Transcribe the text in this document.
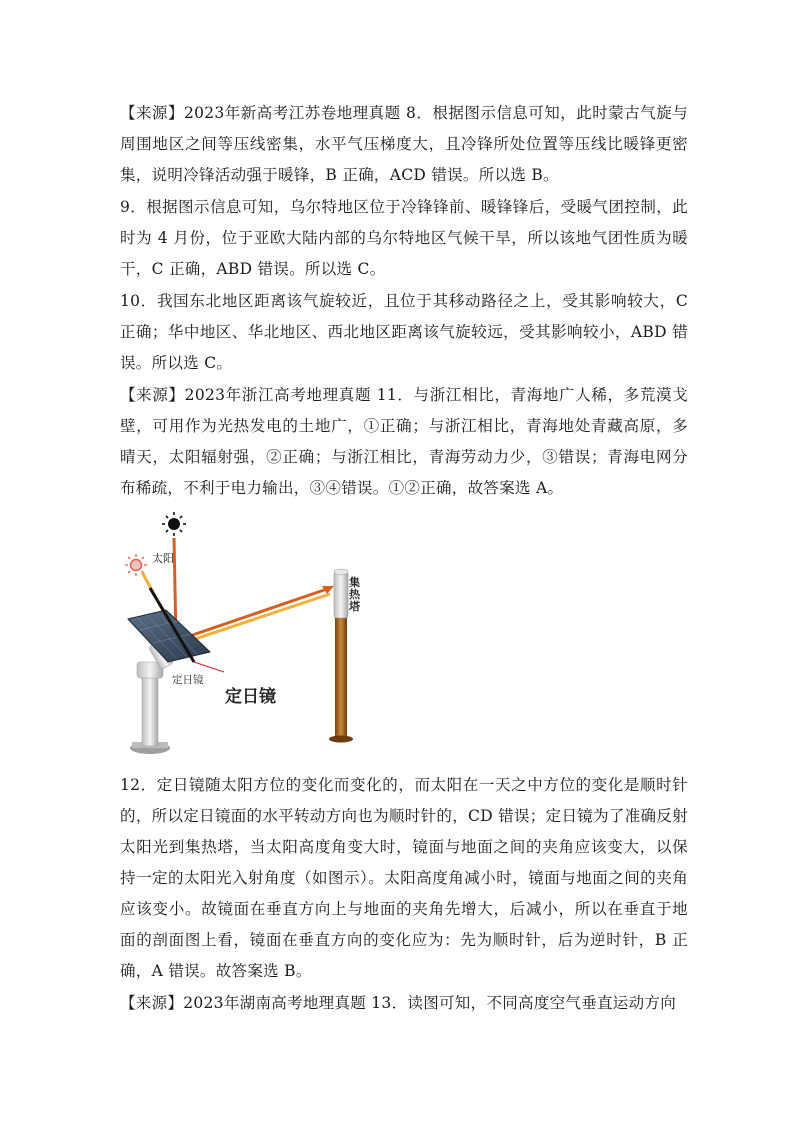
【来源】2023年新高考江苏卷地理真题 8．根据图示信息可知，此时蒙古气旋与周围地区之间等压线密集，水平气压梯度大，且冷锋所处位置等压线比暖锋更密集，说明冷锋活动强于暖锋，B 正确，ACD 错误。所以选 B。

9．根据图示信息可知，乌尔特地区位于冷锋锋前、暖锋锋后，受暖气团控制，此时为 4 月份，位于亚欧大陆内部的乌尔特地区气候干旱，所以该地气团性质为暖干，C 正确，ABD 错误。所以选 C。

10．我国东北地区距离该气旋较近，且位于其移动路径之上，受其影响较大，C 正确；华中地区、华北地区、西北地区距离该气旋较远，受其影响较小，ABD 错误。所以选 C。

【来源】2023年浙江高考地理真题 11．与浙江相比，青海地广人稀，多荒漠戈壁，可用作为光热发电的土地广，①正确；与浙江相比，青海地处青藏高原，多晴天，太阳辐射强，②正确；与浙江相比，青海劳动力少，③错误；青海电网分布稀疏，不利于电力输出，③④错误。①②正确，故答案选 A。

太阳
集热塔
定日镜
定日镜

12．定日镜随太阳方位的变化而变化的，而太阳在一天之中方位的变化是顺时针的，所以定日镜面的水平转动方向也为顺时针的，CD 错误；定日镜为了准确反射太阳光到集热塔，当太阳高度角变大时，镜面与地面之间的夹角应该变大，以保持一定的太阳光入射角度（如图示）。太阳高度角减小时，镜面与地面之间的夹角应该变小。故镜面在垂直方向上与地面的夹角先增大，后减小，所以在垂直于地面的剖面图上看，镜面在垂直方向的变化应为：先为顺时针，后为逆时针，B 正确，A 错误。故答案选 B。

【来源】2023年湖南高考地理真题 13．读图可知，不同高度空气垂直运动方向
